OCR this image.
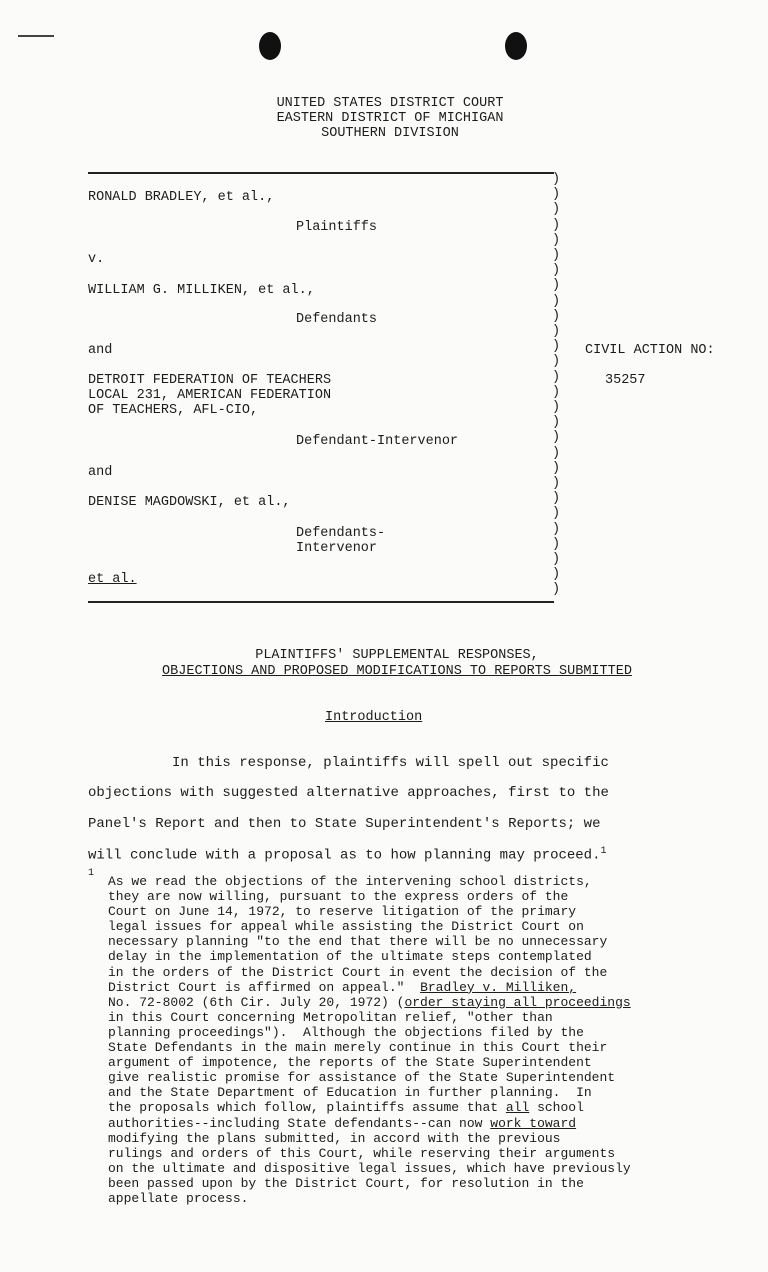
UNITED STATES DISTRICT COURT
EASTERN DISTRICT OF MICHIGAN
SOUTHERN DIVISION
)
)
)
)
)
)
)
)
)
)
)
)
)
)
)
)
)
)
)
)
)
)
)
)
)
)
)
)
RONALD BRADLEY, et al.,
Plaintiffs
v.
WILLIAM G. MILLIKEN, et al.,
Defendants
and
DETROIT FEDERATION OF TEACHERS
LOCAL 231, AMERICAN FEDERATION
OF TEACHERS, AFL-CIO,
Defendant-Intervenor
and
DENISE MAGDOWSKI, et al.,
Defendants-
Intervenor
et al.
CIVIL ACTION NO:
35257
PLAINTIFFS' SUPPLEMENTAL RESPONSES,
OBJECTIONS AND PROPOSED MODIFICATIONS TO REPORTS SUBMITTED
Introduction
In this response, plaintiffs will spell out specific
objections with suggested alternative approaches, first to the
Panel's Report and then to State Superintendent's Reports; we
will conclude with a proposal as to how planning may proceed.$^1$
1
As we read the objections of the intervening school districts,
they are now willing, pursuant to the express orders of the
Court on June 14, 1972, to reserve litigation of the primary
legal issues for appeal while assisting the District Court on
necessary planning "to the end that there will be no unnecessary
delay in the implementation of the ultimate steps contemplated
in the orders of the District Court in event the decision of the
District Court is affirmed on appeal." Bradley v. Milliken,
No. 72-8002 (6th Cir. July 20, 1972) (order staying all proceedings
in this Court concerning Metropolitan relief, "other than
planning proceedings").  Although the objections filed by the
State Defendants in the main merely continue in this Court their
argument of impotence, the reports of the State Superintendent
give realistic promise for assistance of the State Superintendent
and the State Department of Education in further planning.  In
the proposals which follow, plaintiffs assume that all school
authorities--including State defendants--can now work toward
modifying the plans submitted, in accord with the previous
rulings and orders of this Court, while reserving their arguments
on the ultimate and dispositive legal issues, which have previously
been passed upon by the District Court, for resolution in the
appellate process.
